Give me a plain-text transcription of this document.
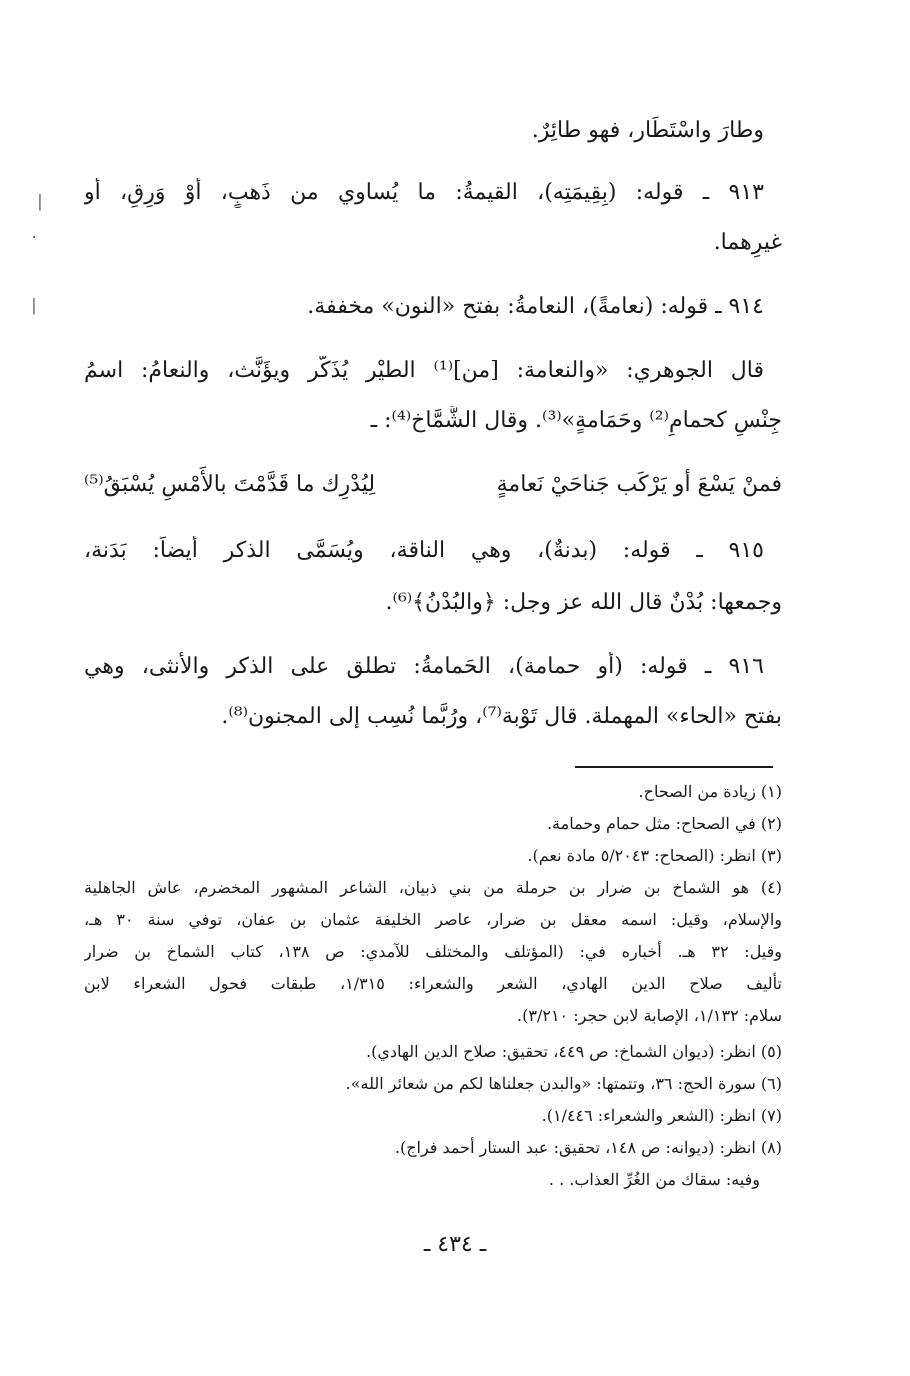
وطارَ واسْتَطَار، فهو طائِرٌ.
٩١٣ ـ قوله: (بِقِيمَتِه)، القيمةُ: ما يُساوي من ذَهبٍ، أَوْ وَرِقٍ، أو
غيرِهما.
٩١٤ ـ قوله: (نعامةً)، النعامةُ: بفتح «النون» مخففة.
قال الجوهري: «والنعامة: [من]⁽¹⁾ الطيْر يُذَكَّر ويؤَنَّث، والنعامُ: اسمُ
جِنْسٍ كحمامٍ⁽²⁾ وحَمَامةٍ»⁽³⁾. وقال الشَّمَّاخ⁽⁴⁾: ـ
فمنْ يَسْعَ أو يَرْكَب جَناحَيْ نَعامةٍ
لِيُدْرِك ما قَدَّمْتَ بالأَمْسِ يُسْبَقُ⁽⁵⁾
٩١٥ ـ قوله: (بدنةٌ)، وهي الناقة، ويُسَمَّى الذكر أيضاً: بَدَنة،
وجمعها: بُدْنٌ قال الله عز وجل: ﴿والبُدْنُ﴾⁽⁶⁾.
٩١٦ ـ قوله: (أو حمامة)، الحَمامةُ: تطلق على الذكر والأنثى، وهي
بفتح «الحاء» المهملة. قال تَوْبة⁽⁷⁾، ورُبَّما نُسِب إلى المجنون⁽⁸⁾.
(١) زيادة من الصحاح.
(٢) في الصحاح: مثل حمام وحمامة.
(٣) انظر: (الصحاح: ٥/٢٠٤٣ مادة نعم).
(٤) هو الشماخ بن ضرار بن حرملة من بني ذبيان، الشاعر المشهور المخضرم، عاش الجاهلية
والإسلام، وقيل: اسمه معقل بن ضرار، عاصر الخليفة عثمان بن عفان، توفي سنة ٣٠ هـ،
وقيل: ٣٢ هـ. أخباره في: (المؤتلف والمختلف للآمدي: ص ١٣٨، كتاب الشماخ بن ضرار
تأليف صلاح الدين الهادي، الشعر والشعراء: ١/٣١٥، طبقات فحول الشعراء لابن
سلام: ١/١٣٢، الإصابة لابن حجر: ٣/٢١٠).
(٥) انظر: (ديوان الشماخ: ص ٤٤٩، تحقيق: صلاح الدين الهادي).
(٦) سورة الحج: ٣٦، وتتمتها: «والبدن جعلناها لكم من شعائر الله».
(٧) انظر: (الشعر والشعراء: ١/٤٤٦).
(٨) انظر: (ديوانه: ص ١٤٨، تحقيق: عبد الستار أحمد فراج).
وفيه: سقاك من الغُرِّ العذاب. . .
ـ ٤٣٤ ـ
׀
·
׀
